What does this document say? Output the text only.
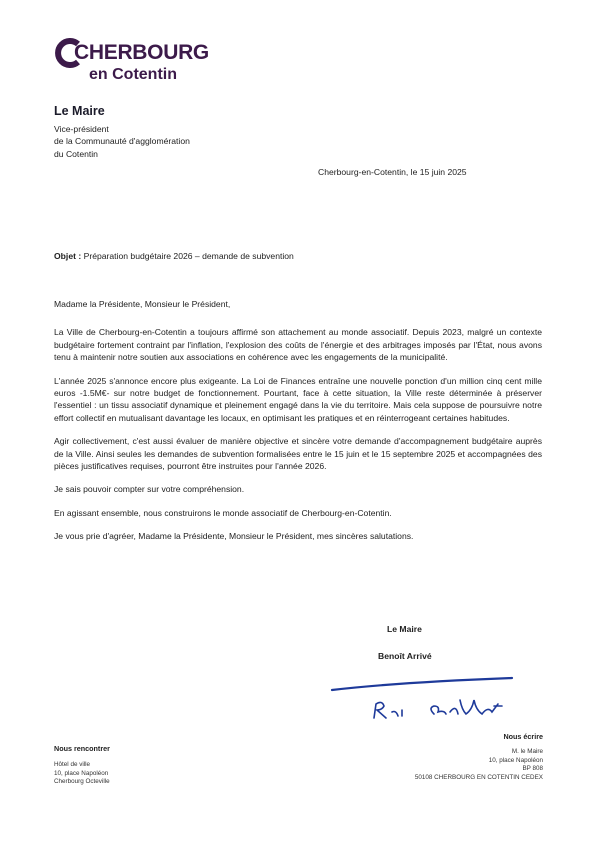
CHERBOURG
en Cotentin
Le Maire
Vice-président
de la Communauté d'agglomération
du Cotentin
Cherbourg-en-Cotentin, le 15 juin 2025
Objet : Préparation budgétaire 2026 – demande de subvention

Madame la Présidente, Monsieur le Président,

La Ville de Cherbourg-en-Cotentin a toujours affirmé son attachement au monde associatif. Depuis 2023, malgré un contexte budgétaire fortement contraint par l'inflation, l'explosion des coûts de l'énergie et des arbitrages imposés par l'État, nous avons tenu à maintenir notre soutien aux associations en cohérence avec les engagements de la municipalité.

L'année 2025 s'annonce encore plus exigeante. La Loi de Finances entraîne une nouvelle ponction d'un million cinq cent mille euros -1.5M€- sur notre budget de fonctionnement. Pourtant, face à cette situation, la Ville reste déterminée à préserver l'essentiel : un tissu associatif dynamique et pleinement engagé dans la vie du territoire. Mais cela suppose de poursuivre notre effort collectif en mutualisant davantage les locaux, en optimisant les pratiques et en réinterrogeant certaines habitudes.

Agir collectivement, c'est aussi évaluer de manière objective et sincère votre demande d'accompagnement budgétaire auprès de la Ville. Ainsi seules les demandes de subvention formalisées entre le 15 juin et le 15 septembre 2025 et accompagnées des pièces justificatives requises, pourront être instruites pour l'année 2026.

Je sais pouvoir compter sur votre compréhension.

En agissant ensemble, nous construirons le monde associatif de Cherbourg-en-Cotentin.

Je vous prie d'agréer, Madame la Présidente, Monsieur le Président, mes sincères salutations.

Le Maire
Benoît Arrivé
Nous rencontrer
Hôtel de ville
10, place Napoléon
Cherbourg Octeville
Nous écrire
M. le Maire
10, place Napoléon
BP 808
50108 CHERBOURG EN COTENTIN CEDEX
